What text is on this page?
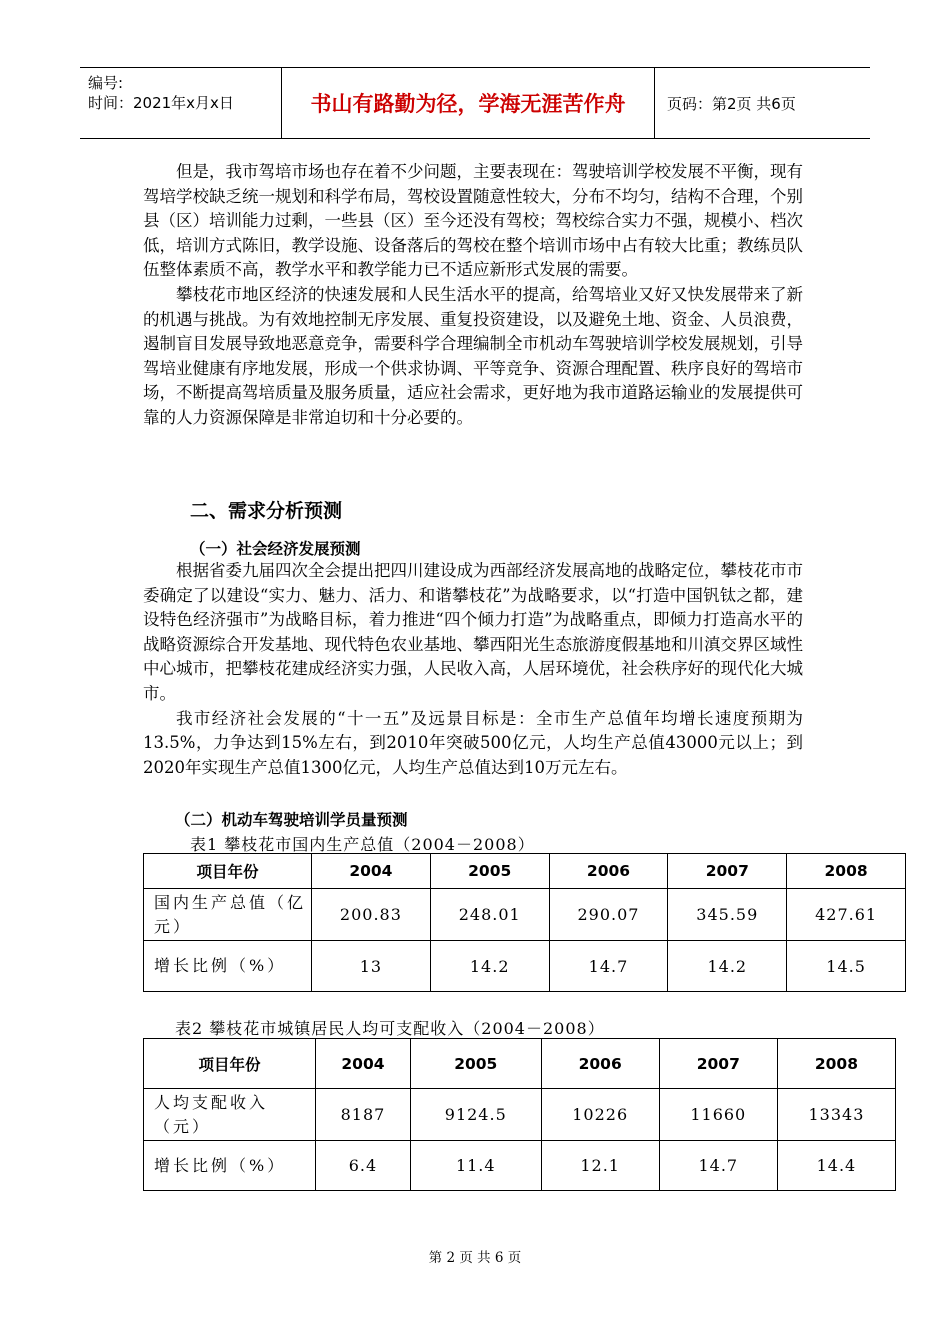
编号:
时间：2021年x月x日	书山有路勤为径，学海无涯苦作舟	页码：第2页 共6页

但是，我市驾培市场也存在着不少问题，主要表现在：驾驶培训学校发展不平衡，现有驾培学校缺乏统一规划和科学布局，驾校设置随意性较大，分布不均匀，结构不合理，个别县（区）培训能力过剩，一些县（区）至今还没有驾校；驾校综合实力不强，规模小、档次低，培训方式陈旧，教学设施、设备落后的驾校在整个培训市场中占有较大比重；教练员队伍整体素质不高，教学水平和教学能力已不适应新形式发展的需要。

攀枝花市地区经济的快速发展和人民生活水平的提高，给驾培业又好又快发展带来了新的机遇与挑战。为有效地控制无序发展、重复投资建设，以及避免土地、资金、人员浪费，遏制盲目发展导致地恶意竞争，需要科学合理编制全市机动车驾驶培训学校发展规划，引导驾培业健康有序地发展，形成一个供求协调、平等竞争、资源合理配置、秩序良好的驾培市场，不断提高驾培质量及服务质量，适应社会需求，更好地为我市道路运输业的发展提供可靠的人力资源保障是非常迫切和十分必要的。

二、需求分析预测
（一）社会经济发展预测

根据省委九届四次全会提出把四川建设成为西部经济发展高地的战略定位，攀枝花市市委确定了以建设“实力、魅力、活力、和谐攀枝花”为战略要求，以“打造中国钒钛之都，建设特色经济强市”为战略目标，着力推进“四个倾力打造”为战略重点，即倾力打造高水平的战略资源综合开发基地、现代特色农业基地、攀西阳光生态旅游度假基地和川滇交界区域性中心城市，把攀枝花建成经济实力强，人民收入高，人居环境优，社会秩序好的现代化大城市。

我市经济社会发展的“十一五”及远景目标是：全市生产总值年均增长速度预期为13.5%，力争达到15%左右，到2010年突破500亿元，人均生产总值43000元以上；到2020年实现生产总值1300亿元，人均生产总值达到10万元左右。

（二）机动车驾驶培训学员量预测
表1 攀枝花市国内生产总值（2004－2008）
项目年份	2004	2005	2006	2007	2008
国内生产总值（亿元）	200.83	248.01	290.07	345.59	427.61
增长比例（%）	13	14.2	14.7	14.2	14.5
表2 攀枝花市城镇居民人均可支配收入（2004－2008）
项目年份	2004	2005	2006	2007	2008
人均支配收入（元）	8187	9124.5	10226	11660	13343
增长比例（%）	6.4	11.4	12.1	14.7	14.4
第 2 页 共 6 页
